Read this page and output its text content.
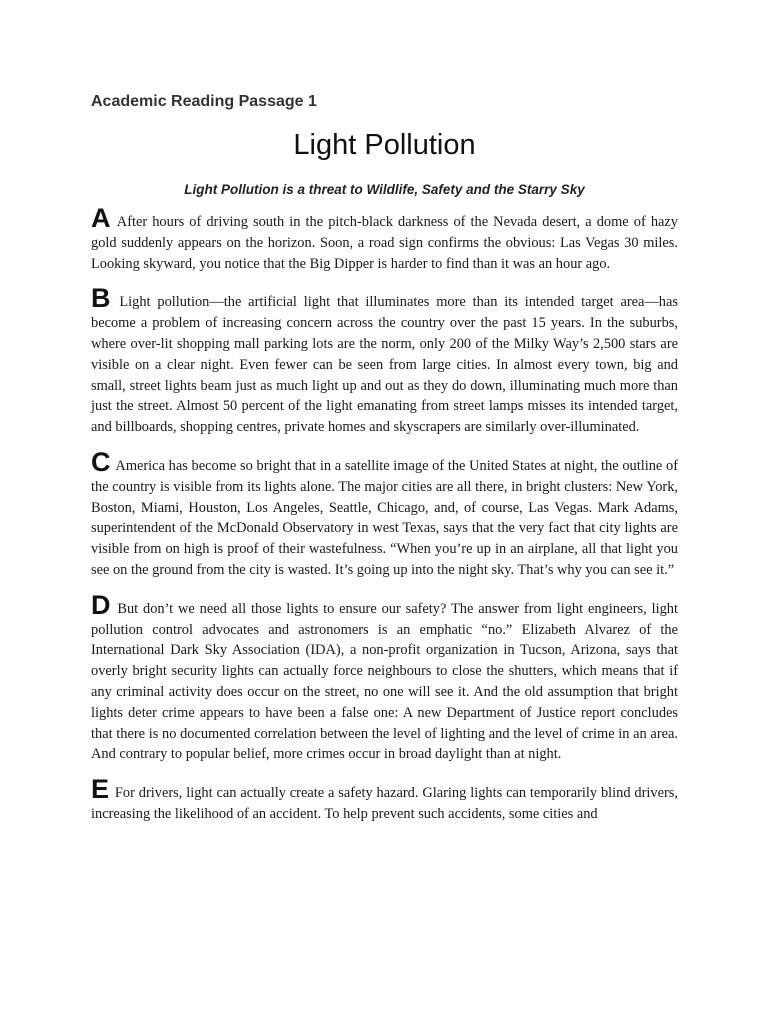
Academic Reading Passage 1
Light Pollution
Light Pollution is a threat to Wildlife, Safety and the Starry Sky

A After hours of driving south in the pitch-black darkness of the Nevada desert, a dome of hazy gold suddenly appears on the horizon. Soon, a road sign confirms the obvious: Las Vegas 30 miles. Looking skyward, you notice that the Big Dipper is harder to find than it was an hour ago.

B Light pollution—the artificial light that illuminates more than its intended target area—has become a problem of increasing concern across the country over the past 15 years. In the suburbs, where over-lit shopping mall parking lots are the norm, only 200 of the Milky Way’s 2,500 stars are visible on a clear night. Even fewer can be seen from large cities. In almost every town, big and small, street lights beam just as much light up and out as they do down, illuminating much more than just the street. Almost 50 percent of the light emanating from street lamps misses its intended target, and billboards, shopping centres, private homes and skyscrapers are similarly over-illuminated.

C America has become so bright that in a satellite image of the United States at night, the outline of the country is visible from its lights alone. The major cities are all there, in bright clusters: New York, Boston, Miami, Houston, Los Angeles, Seattle, Chicago, and, of course, Las Vegas. Mark Adams, superintendent of the McDonald Observatory in west Texas, says that the very fact that city lights are visible from on high is proof of their wastefulness. “When you’re up in an airplane, all that light you see on the ground from the city is wasted. It’s going up into the night sky. That’s why you can see it.”

D But don’t we need all those lights to ensure our safety? The answer from light engineers, light pollution control advocates and astronomers is an emphatic “no.” Elizabeth Alvarez of the International Dark Sky Association (IDA), a non-profit organization in Tucson, Arizona, says that overly bright security lights can actually force neighbours to close the shutters, which means that if any criminal activity does occur on the street, no one will see it. And the old assumption that bright lights deter crime appears to have been a false one: A new Department of Justice report concludes that there is no documented correlation between the level of lighting and the level of crime in an area. And contrary to popular belief, more crimes occur in broad daylight than at night.

E For drivers, light can actually create a safety hazard. Glaring lights can temporarily blind drivers, increasing the likelihood of an accident. To help prevent such accidents, some cities and
